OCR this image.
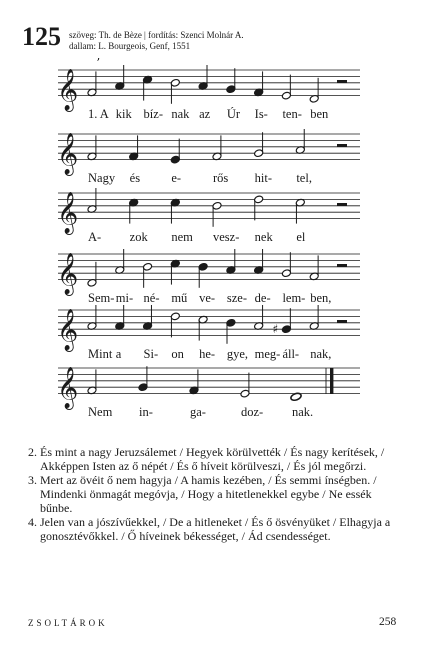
125 szöveg: Th. de Bèze | fordítás: Szenci Molnár A.
dallam: L. Bourgeois, Genf, 1551
𝄞
ʼ
1. A kik bíz- nak az Úr Is- ten- ben
𝄞
Nagy és	e-	rős hit- tel,
𝄞
A- zok nem vesz- nek el
𝄞
Sem- mi- né- mű ve- sze- de- lem- ben,
𝄞	♯
Mint a Si- on he- gye, meg- áll- nak,
𝄞
Nem in-	ga-	doz- nak.
2. És mint a nagy Jeruzsálemet / Hegyek körülvették / És nagy kerítések, / Akképpen Isten az ő népét / És ő híveit körülveszi, / És jól megőrzi.
3. Mert az övéit ő nem hagyja / A hamis kezében, / És semmi ínségben. / Mindenki önmagát megóvja, / Hogy a hitetlenekkel egybe / Ne essék bűnbe.
4. Jelen van a jószívűekkel, / De a hitleneket / És ő ösvényüket / Elhagyja a gonosztévőkkel. / Ő híveinek békességet, / Ád csendességet.
ZSOLTÁROK	258
